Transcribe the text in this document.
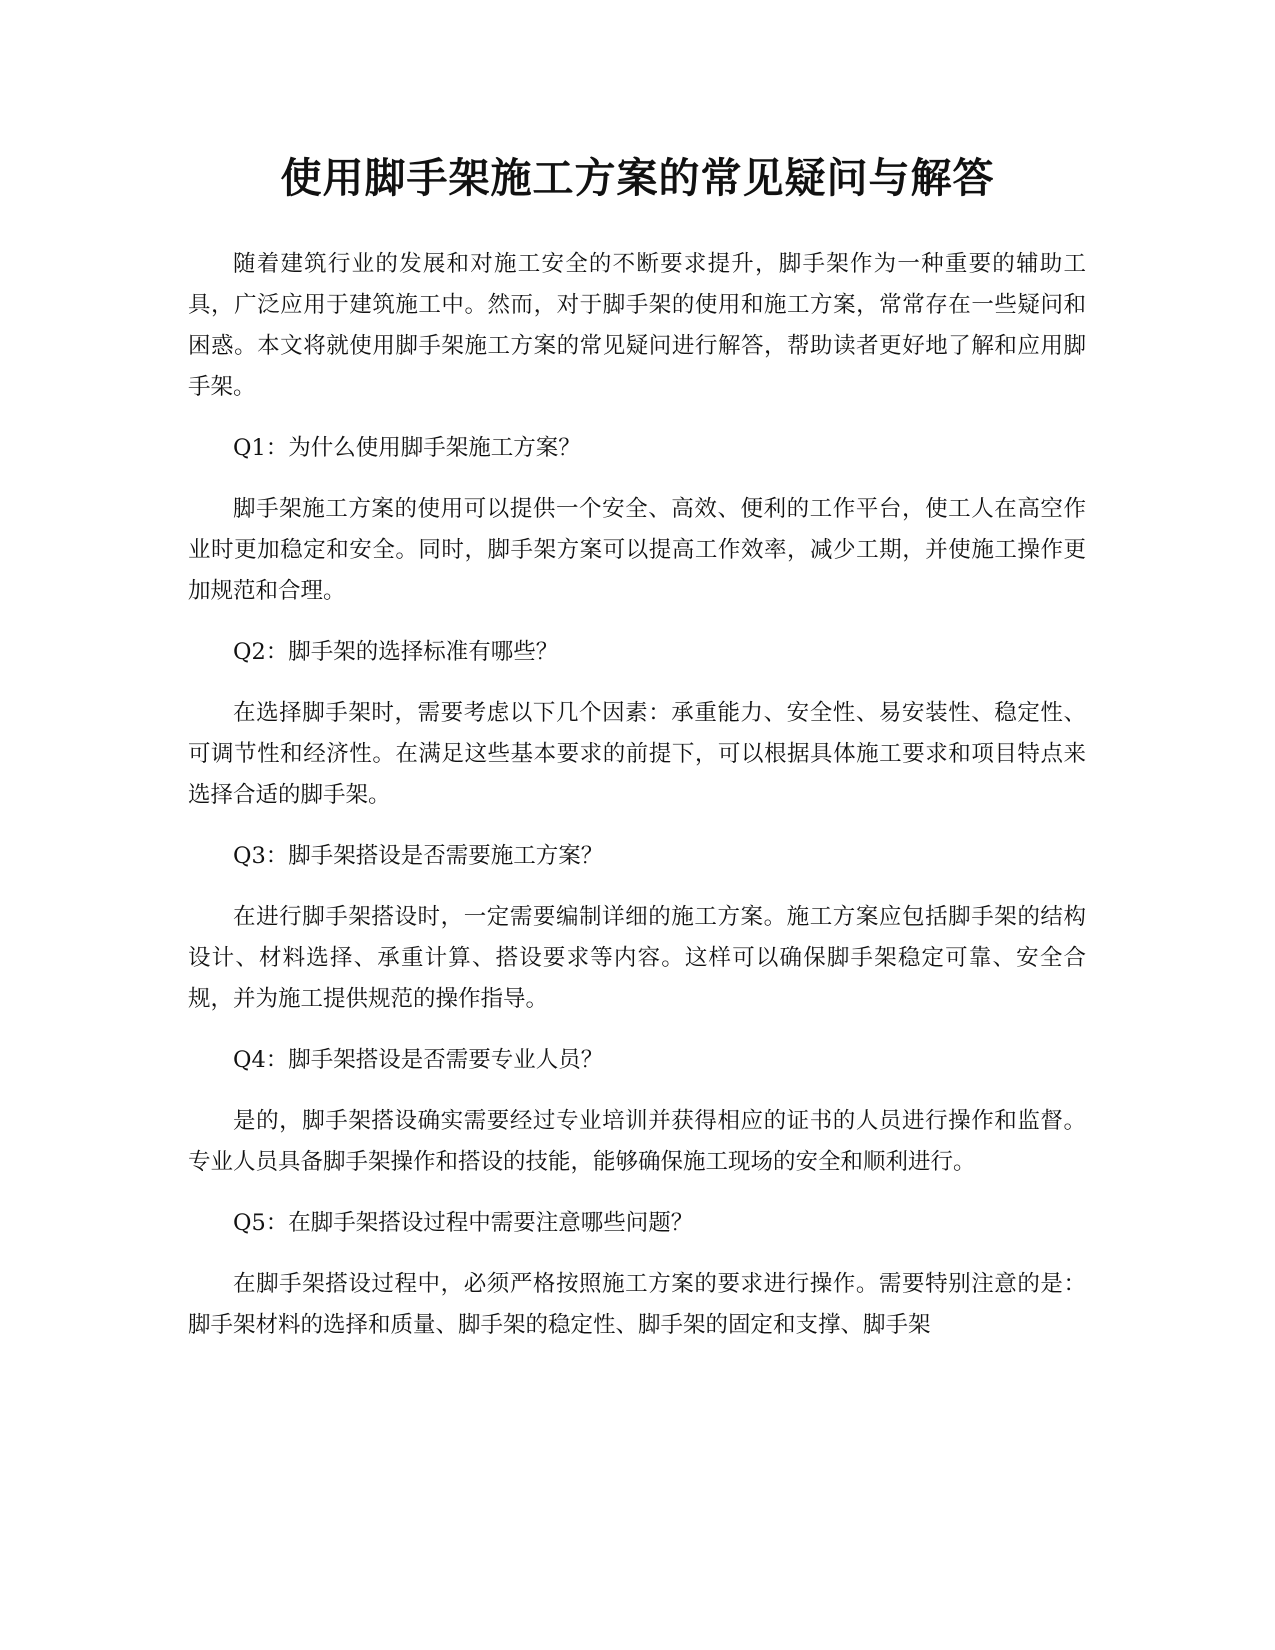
使用脚手架施工方案的常见疑问与解答

随着建筑行业的发展和对施工安全的不断要求提升，脚手架作为一种重要的辅助工具，广泛应用于建筑施工中。然而，对于脚手架的使用和施工方案，常常存在一些疑问和困惑。本文将就使用脚手架施工方案的常见疑问进行解答，帮助读者更好地了解和应用脚手架。

Q1：为什么使用脚手架施工方案？

脚手架施工方案的使用可以提供一个安全、高效、便利的工作平台，使工人在高空作业时更加稳定和安全。同时，脚手架方案可以提高工作效率，减少工期，并使施工操作更加规范和合理。

Q2：脚手架的选择标准有哪些？

在选择脚手架时，需要考虑以下几个因素：承重能力、安全性、易安装性、稳定性、可调节性和经济性。在满足这些基本要求的前提下，可以根据具体施工要求和项目特点来选择合适的脚手架。

Q3：脚手架搭设是否需要施工方案？

在进行脚手架搭设时，一定需要编制详细的施工方案。施工方案应包括脚手架的结构设计、材料选择、承重计算、搭设要求等内容。这样可以确保脚手架稳定可靠、安全合规，并为施工提供规范的操作指导。

Q4：脚手架搭设是否需要专业人员？

是的，脚手架搭设确实需要经过专业培训并获得相应的证书的人员进行操作和监督。专业人员具备脚手架操作和搭设的技能，能够确保施工现场的安全和顺利进行。

Q5：在脚手架搭设过程中需要注意哪些问题？

在脚手架搭设过程中，必须严格按照施工方案的要求进行操作。需要特别注意的是：脚手架材料的选择和质量、脚手架的稳定性、脚手架的固定和支撑、脚手架
